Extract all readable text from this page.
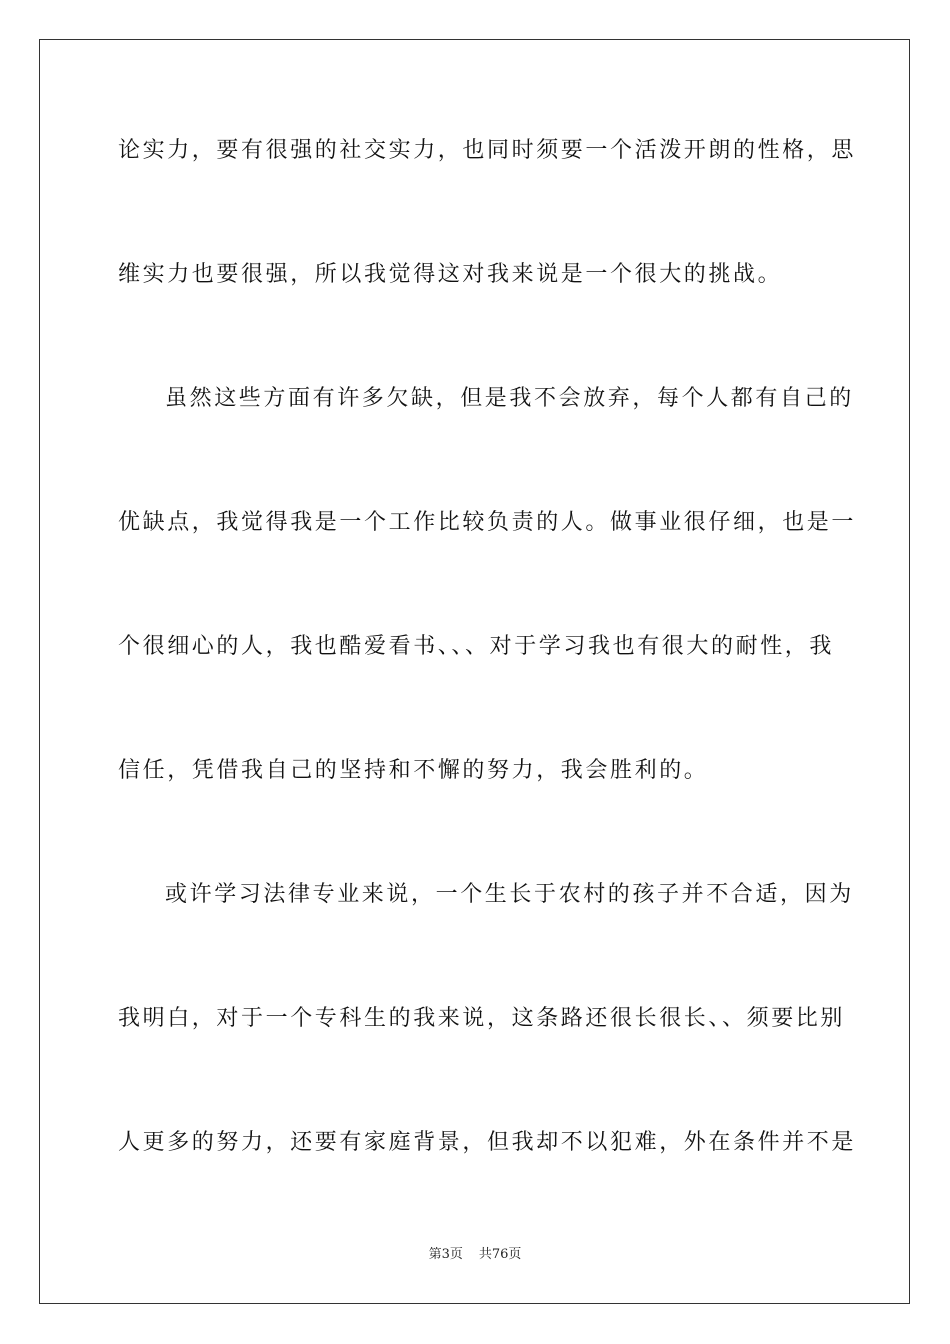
论实力，要有很强的社交实力，也同时须要一个活泼开朗的性格，思
维实力也要很强，所以我觉得这对我来说是一个很大的挑战。
虽然这些方面有许多欠缺，但是我不会放弃，每个人都有自己的
优缺点，我觉得我是一个工作比较负责的人。做事业很仔细，也是一
个很细心的人，我也酷爱看书、、、对于学习我也有很大的耐性，我
信任，凭借我自己的坚持和不懈的努力，我会胜利的。
或许学习法律专业来说，一个生长于农村的孩子并不合适，因为
我明白，对于一个专科生的我来说，这条路还很长很长、、须要比别
人更多的努力，还要有家庭背景，但我却不以犯难，外在条件并不是
第3页 共76页
